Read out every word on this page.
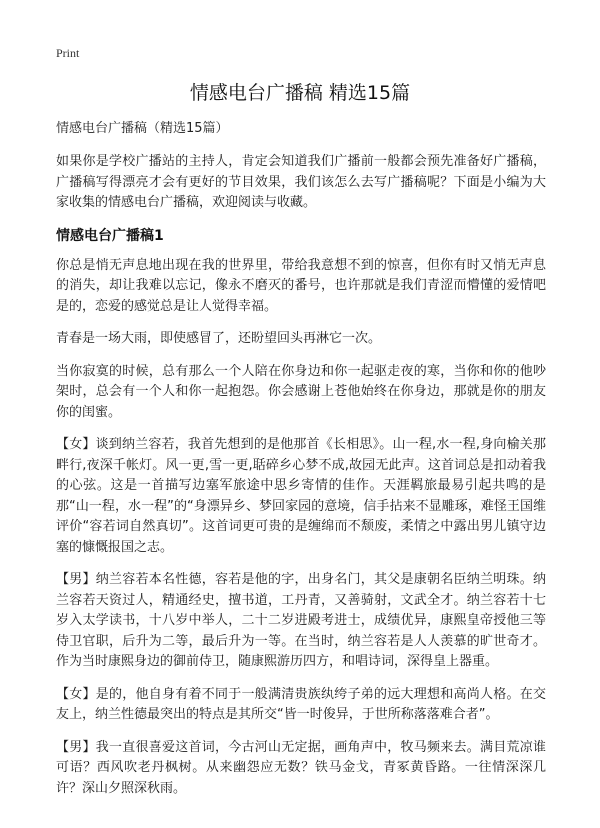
Print
情感电台广播稿 精选15篇

情感电台广播稿（精选15篇）

如果你是学校广播站的主持人，肯定会知道我们广播前一般都会预先准备好广播稿，广播稿写得漂亮才会有更好的节目效果，我们该怎么去写广播稿呢？下面是小编为大家收集的情感电台广播稿，欢迎阅读与收藏。

情感电台广播稿1

你总是悄无声息地出现在我的世界里，带给我意想不到的惊喜，但你有时又悄无声息的消失，却让我难以忘记，像永不磨灭的番号，也许那就是我们青涩而懵懂的爱情吧 是的，恋爱的感觉总是让人觉得幸福。

青春是一场大雨，即使感冒了，还盼望回头再淋它一次。

当你寂寞的时候，总有那么一个人陪在你身边和你一起驱走夜的寒，当你和你的他吵架时，总会有一个人和你一起抱怨。你会感谢上苍他始终在你身边，那就是你的朋友你的闺蜜。

【女】谈到纳兰容若，我首先想到的是他那首《长相思》。山一程,水一程,身向榆关那畔行,夜深千帐灯。风一更,雪一更,聒碎乡心梦不成,故园无此声。这首词总是扣动着我的心弦。这是一首描写边塞军旅途中思乡寄情的佳作。天涯羁旅最易引起共鸣的是那“山一程，水一程”的“身漂异乡、梦回家园的意境，信手拈来不显雕琢，难怪王国维评价“容若词自然真切”。这首词更可贵的是缠绵而不颓废，柔情之中露出男儿镇守边塞的慷慨报国之志。

【男】纳兰容若本名性德，容若是他的字，出身名门，其父是康朝名臣纳兰明珠。纳兰容若天资过人，精通经史，擅书道，工丹青，又善骑射，文武全才。纳兰容若十七岁入太学读书，十八岁中举人，二十二岁进殿考进士，成绩优异，康熙皇帝授他三等侍卫官职，后升为二等，最后升为一等。在当时，纳兰容若是人人羡慕的旷世奇才。作为当时康熙身边的御前侍卫，随康熙游历四方，和唱诗词，深得皇上器重。

【女】是的，他自身有着不同于一般满清贵族纨绔子弟的远大理想和高尚人格。在交友上，纳兰性德最突出的特点是其所交“皆一时俊异，于世所称落落难合者”。

【男】我一直很喜爱这首词，今古河山无定据，画角声中，牧马频来去。满目荒凉谁可语？西风吹老丹枫树。从来幽怨应无数？铁马金戈，青冢黄昏路。一往情深深几许？深山夕照深秋雨。
